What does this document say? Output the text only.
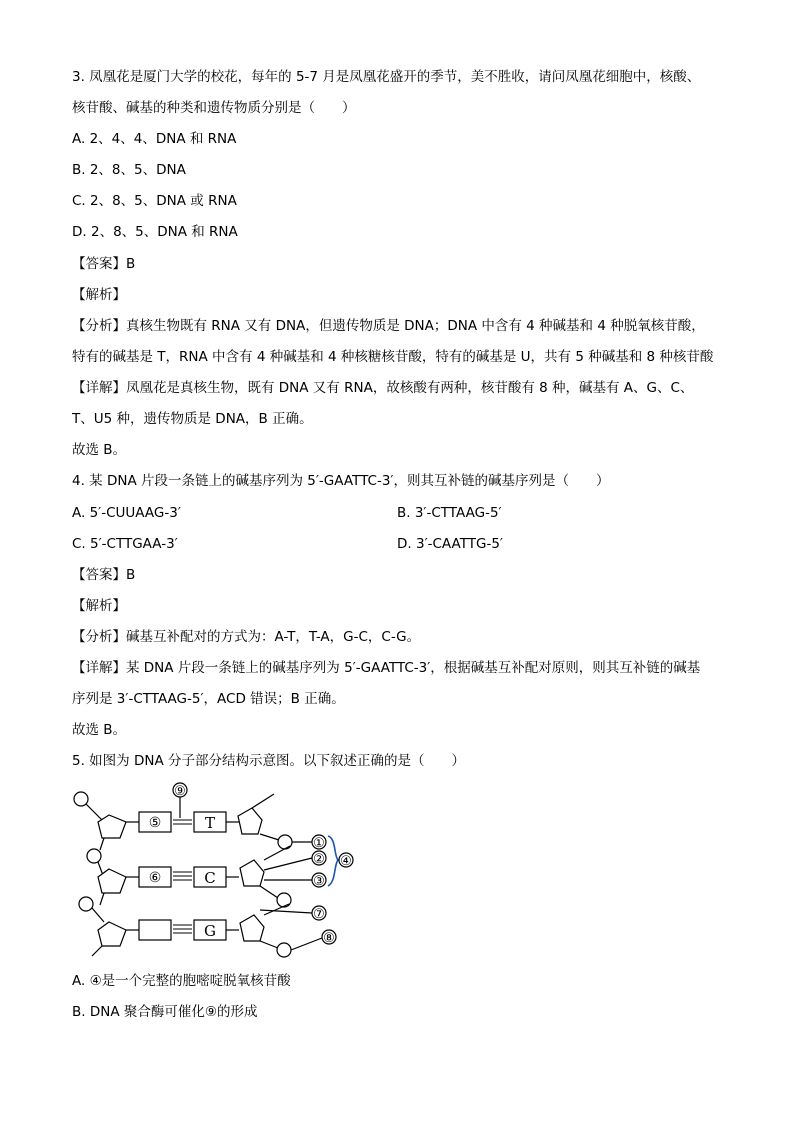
3. 凤凰花是厦门大学的校花，每年的 5-7 月是凤凰花盛开的季节，美不胜收，请问凤凰花细胞中，核酸、
核苷酸、碱基的种类和遗传物质分别是（　　）
A. 2、4、4、DNA 和 RNA
B. 2、8、5、DNA
C. 2、8、5、DNA 或 RNA
D. 2、8、5、DNA 和 RNA
【答案】B
【解析】
【分析】真核生物既有 RNA 又有 DNA，但遗传物质是 DNA；DNA 中含有 4 种碱基和 4 种脱氧核苷酸，
特有的碱基是 T，RNA 中含有 4 种碱基和 4 种核糖核苷酸，特有的碱基是 U，共有 5 种碱基和 8 种核苷酸
【详解】凤凰花是真核生物，既有 DNA 又有 RNA，故核酸有两种，核苷酸有 8 种，碱基有 A、G、C、
T、U5 种，遗传物质是 DNA，B 正确。
故选 B。
4. 某 DNA 片段一条链上的碱基序列为 5′-GAATTC-3′，则其互补链的碱基序列是（　　）
A. 5′-CUUAAG-3′	B. 3′-CTTAAG-5′
C. 5′-CTTGAA-3′	D. 3′-CAATTG-5′
【答案】B
【解析】
【分析】碱基互补配对的方式为：A-T，T-A，G-C，C-G。
【详解】某 DNA 片段一条链上的碱基序列为 5′-GAATTC-3′，根据碱基互补配对原则，则其互补链的碱基
序列是 3′-CTTAAG-5′，ACD 错误；B 正确。
故选 B。
5. 如图为 DNA 分子部分结构示意图。以下叙述正确的是（　　）
⑤
⑥
⑨
T
C
G
①
②
③
④
⑦
⑧
A. ④是一个完整的胞嘧啶脱氧核苷酸
B. DNA 聚合酶可催化⑨的形成
